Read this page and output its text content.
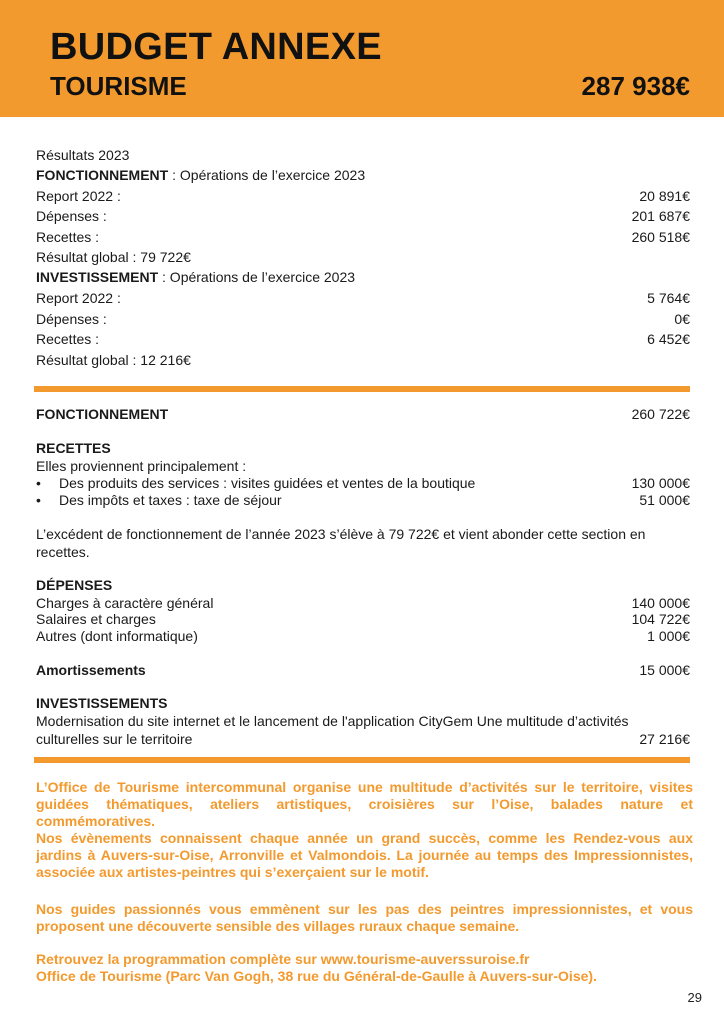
BUDGET ANNEXE
TOURISME	287 938€
Résultats 2023
FONCTIONNEMENT : Opérations de l’exercice 2023
Report 2022 :	20 891€
Dépenses :	201 687€
Recettes :	260 518€
Résultat global : 79 722€
INVESTISSEMENT : Opérations de l’exercice 2023
Report 2022 :	5 764€
Dépenses :	0€
Recettes :	6 452€
Résultat global : 12 216€
FONCTIONNEMENT	260 722€
RECETTES
Elles proviennent principalement :
•	Des produits des services : visites guidées et ventes de la boutique	130 000€
•	Des impôts et taxes : taxe de séjour	51 000€
L’excédent de fonctionnement de l’année 2023 s’élève à 79 722€ et vient abonder cette section en recettes.
DÉPENSES
Charges à caractère général	140 000€
Salaires et charges	104 722€
Autres (dont informatique)	1 000€
Amortissements	15 000€
INVESTISSEMENTS
Modernisation du site internet et le lancement de l'application CityGem Une multitude d’activités
culturelles sur le territoire	27 216€
L’Office de Tourisme intercommunal organise une multitude d’activités sur le territoire, visites guidées thématiques, ateliers artistiques, croisières sur l’Oise, balades nature et commémoratives.
Nos évènements connaissent chaque année un grand succès, comme les Rendez-vous aux jardins à Auvers-sur-Oise, Arronville et Valmondois. La journée au temps des Impressionnistes, associée aux artistes-peintres qui s’exerçaient sur le motif.
Nos guides passionnés vous emmènent sur les pas des peintres impressionnistes, et vous proposent une découverte sensible des villages ruraux chaque semaine.
Retrouvez la programmation complète sur www.tourisme-auverssuroise.fr
Office de Tourisme (Parc Van Gogh, 38 rue du Général-de-Gaulle à Auvers-sur-Oise).
29
